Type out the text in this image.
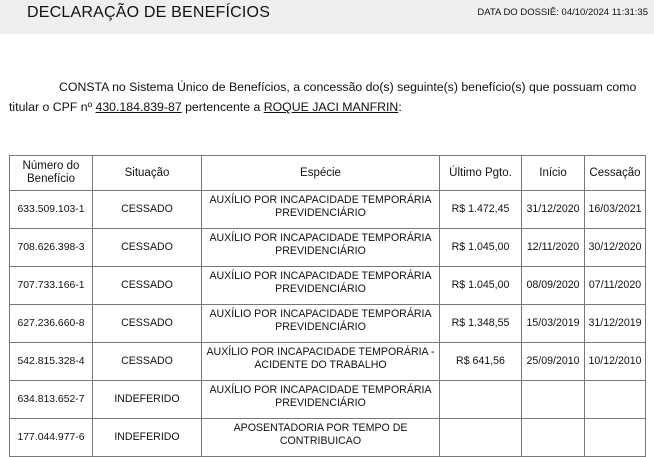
DECLARAÇÃO DE BENEFÍCIOS	DATA DO DOSSIÊ: 04/10/2024 11:31:35
CONSTA no Sistema Único de Benefícios, a concessão do(s) seguinte(s) benefício(s) que possuam como titular o CPF nº 430.184.839-87 pertencente a ROQUE JACI MANFRIN:
Número do Benefício	Situação	Espécie	Último Pgto.	Início	Cessação
633.509.103-1	CESSADO	AUXÍLIO POR INCAPACIDADE TEMPORÁRIA PREVIDENCIÁRIO	R$ 1.472,45	31/12/2020	16/03/2021
708.626.398-3	CESSADO	AUXÍLIO POR INCAPACIDADE TEMPORÁRIA PREVIDENCIÁRIO	R$ 1.045,00	12/11/2020	30/12/2020
707.733.166-1	CESSADO	AUXÍLIO POR INCAPACIDADE TEMPORÁRIA PREVIDENCIÁRIO	R$ 1.045,00	08/09/2020	07/11/2020
627.236.660-8	CESSADO	AUXÍLIO POR INCAPACIDADE TEMPORÁRIA PREVIDENCIÁRIO	R$ 1.348,55	15/03/2019	31/12/2019
542.815.328-4	CESSADO	AUXÍLIO POR INCAPACIDADE TEMPORÁRIA - ACIDENTE DO TRABALHO	R$ 641,56	25/09/2010	10/12/2010
634.813.652-7	INDEFERIDO	AUXÍLIO POR INCAPACIDADE TEMPORÁRIA PREVIDENCIÁRIO			
177.044.977-6	INDEFERIDO	APOSENTADORIA POR TEMPO DE CONTRIBUICAO			
